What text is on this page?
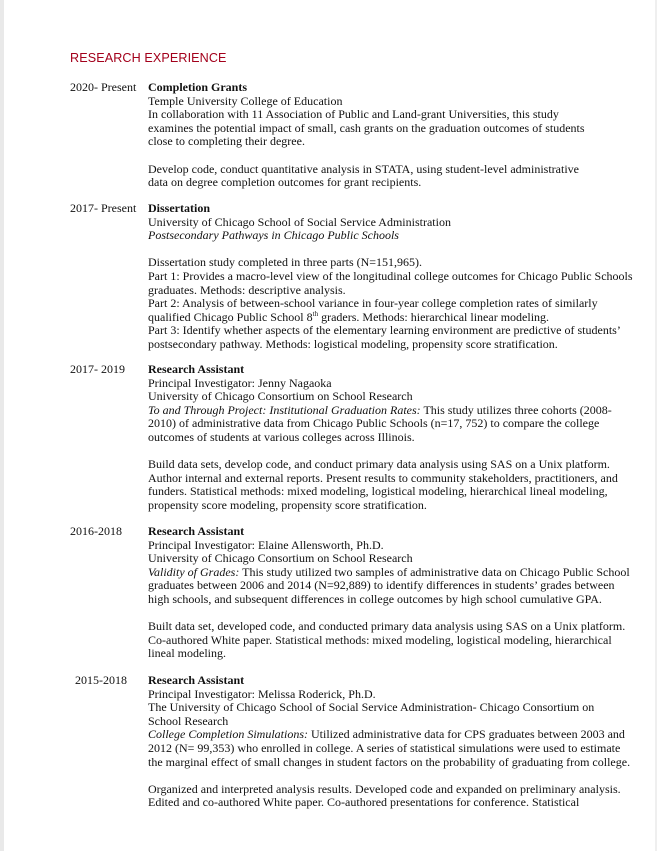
RESEARCH EXPERIENCE
2020- Present Completion Grants
Temple University College of Education
In collaboration with 11 Association of Public and Land-grant Universities, this study
examines the potential impact of small, cash grants on the graduation outcomes of students
close to completing their degree.
Develop code, conduct quantitative analysis in STATA, using student-level administrative
data on degree completion outcomes for grant recipients.
2017- Present Dissertation
University of Chicago School of Social Service Administration
Postsecondary Pathways in Chicago Public Schools
Dissertation study completed in three parts (N=151,965).
Part 1: Provides a macro-level view of the longitudinal college outcomes for Chicago Public Schools
graduates. Methods: descriptive analysis.
Part 2: Analysis of between-school variance in four-year college completion rates of similarly
qualified Chicago Public School 8th graders. Methods: hierarchical linear modeling.
Part 3: Identify whether aspects of the elementary learning environment are predictive of students’
postsecondary pathway. Methods: logistical modeling, propensity score stratification.
2017- 2019 Research Assistant
Principal Investigator: Jenny Nagaoka
University of Chicago Consortium on School Research
To and Through Project: Institutional Graduation Rates: This study utilizes three cohorts (2008-
2010) of administrative data from Chicago Public Schools (n=17, 752) to compare the college
outcomes of students at various colleges across Illinois.
Build data sets, develop code, and conduct primary data analysis using SAS on a Unix platform.
Author internal and external reports. Present results to community stakeholders, practitioners, and
funders. Statistical methods: mixed modeling, logistical modeling, hierarchical lineal modeling,
propensity score modeling, propensity score stratification.
2016-2018 Research Assistant
Principal Investigator: Elaine Allensworth, Ph.D.
University of Chicago Consortium on School Research
Validity of Grades: This study utilized two samples of administrative data on Chicago Public School
graduates between 2006 and 2014 (N=92,889) to identify differences in students’ grades between
high schools, and subsequent differences in college outcomes by high school cumulative GPA.
Built data set, developed code, and conducted primary data analysis using SAS on a Unix platform.
Co-authored White paper. Statistical methods: mixed modeling, logistical modeling, hierarchical
lineal modeling.
2015-2018 Research Assistant
Principal Investigator: Melissa Roderick, Ph.D.
The University of Chicago School of Social Service Administration- Chicago Consortium on
School Research
College Completion Simulations: Utilized administrative data for CPS graduates between 2003 and
2012 (N= 99,353) who enrolled in college. A series of statistical simulations were used to estimate
the marginal effect of small changes in student factors on the probability of graduating from college.
Organized and interpreted analysis results. Developed code and expanded on preliminary analysis.
Edited and co-authored White paper. Co-authored presentations for conference. Statistical
